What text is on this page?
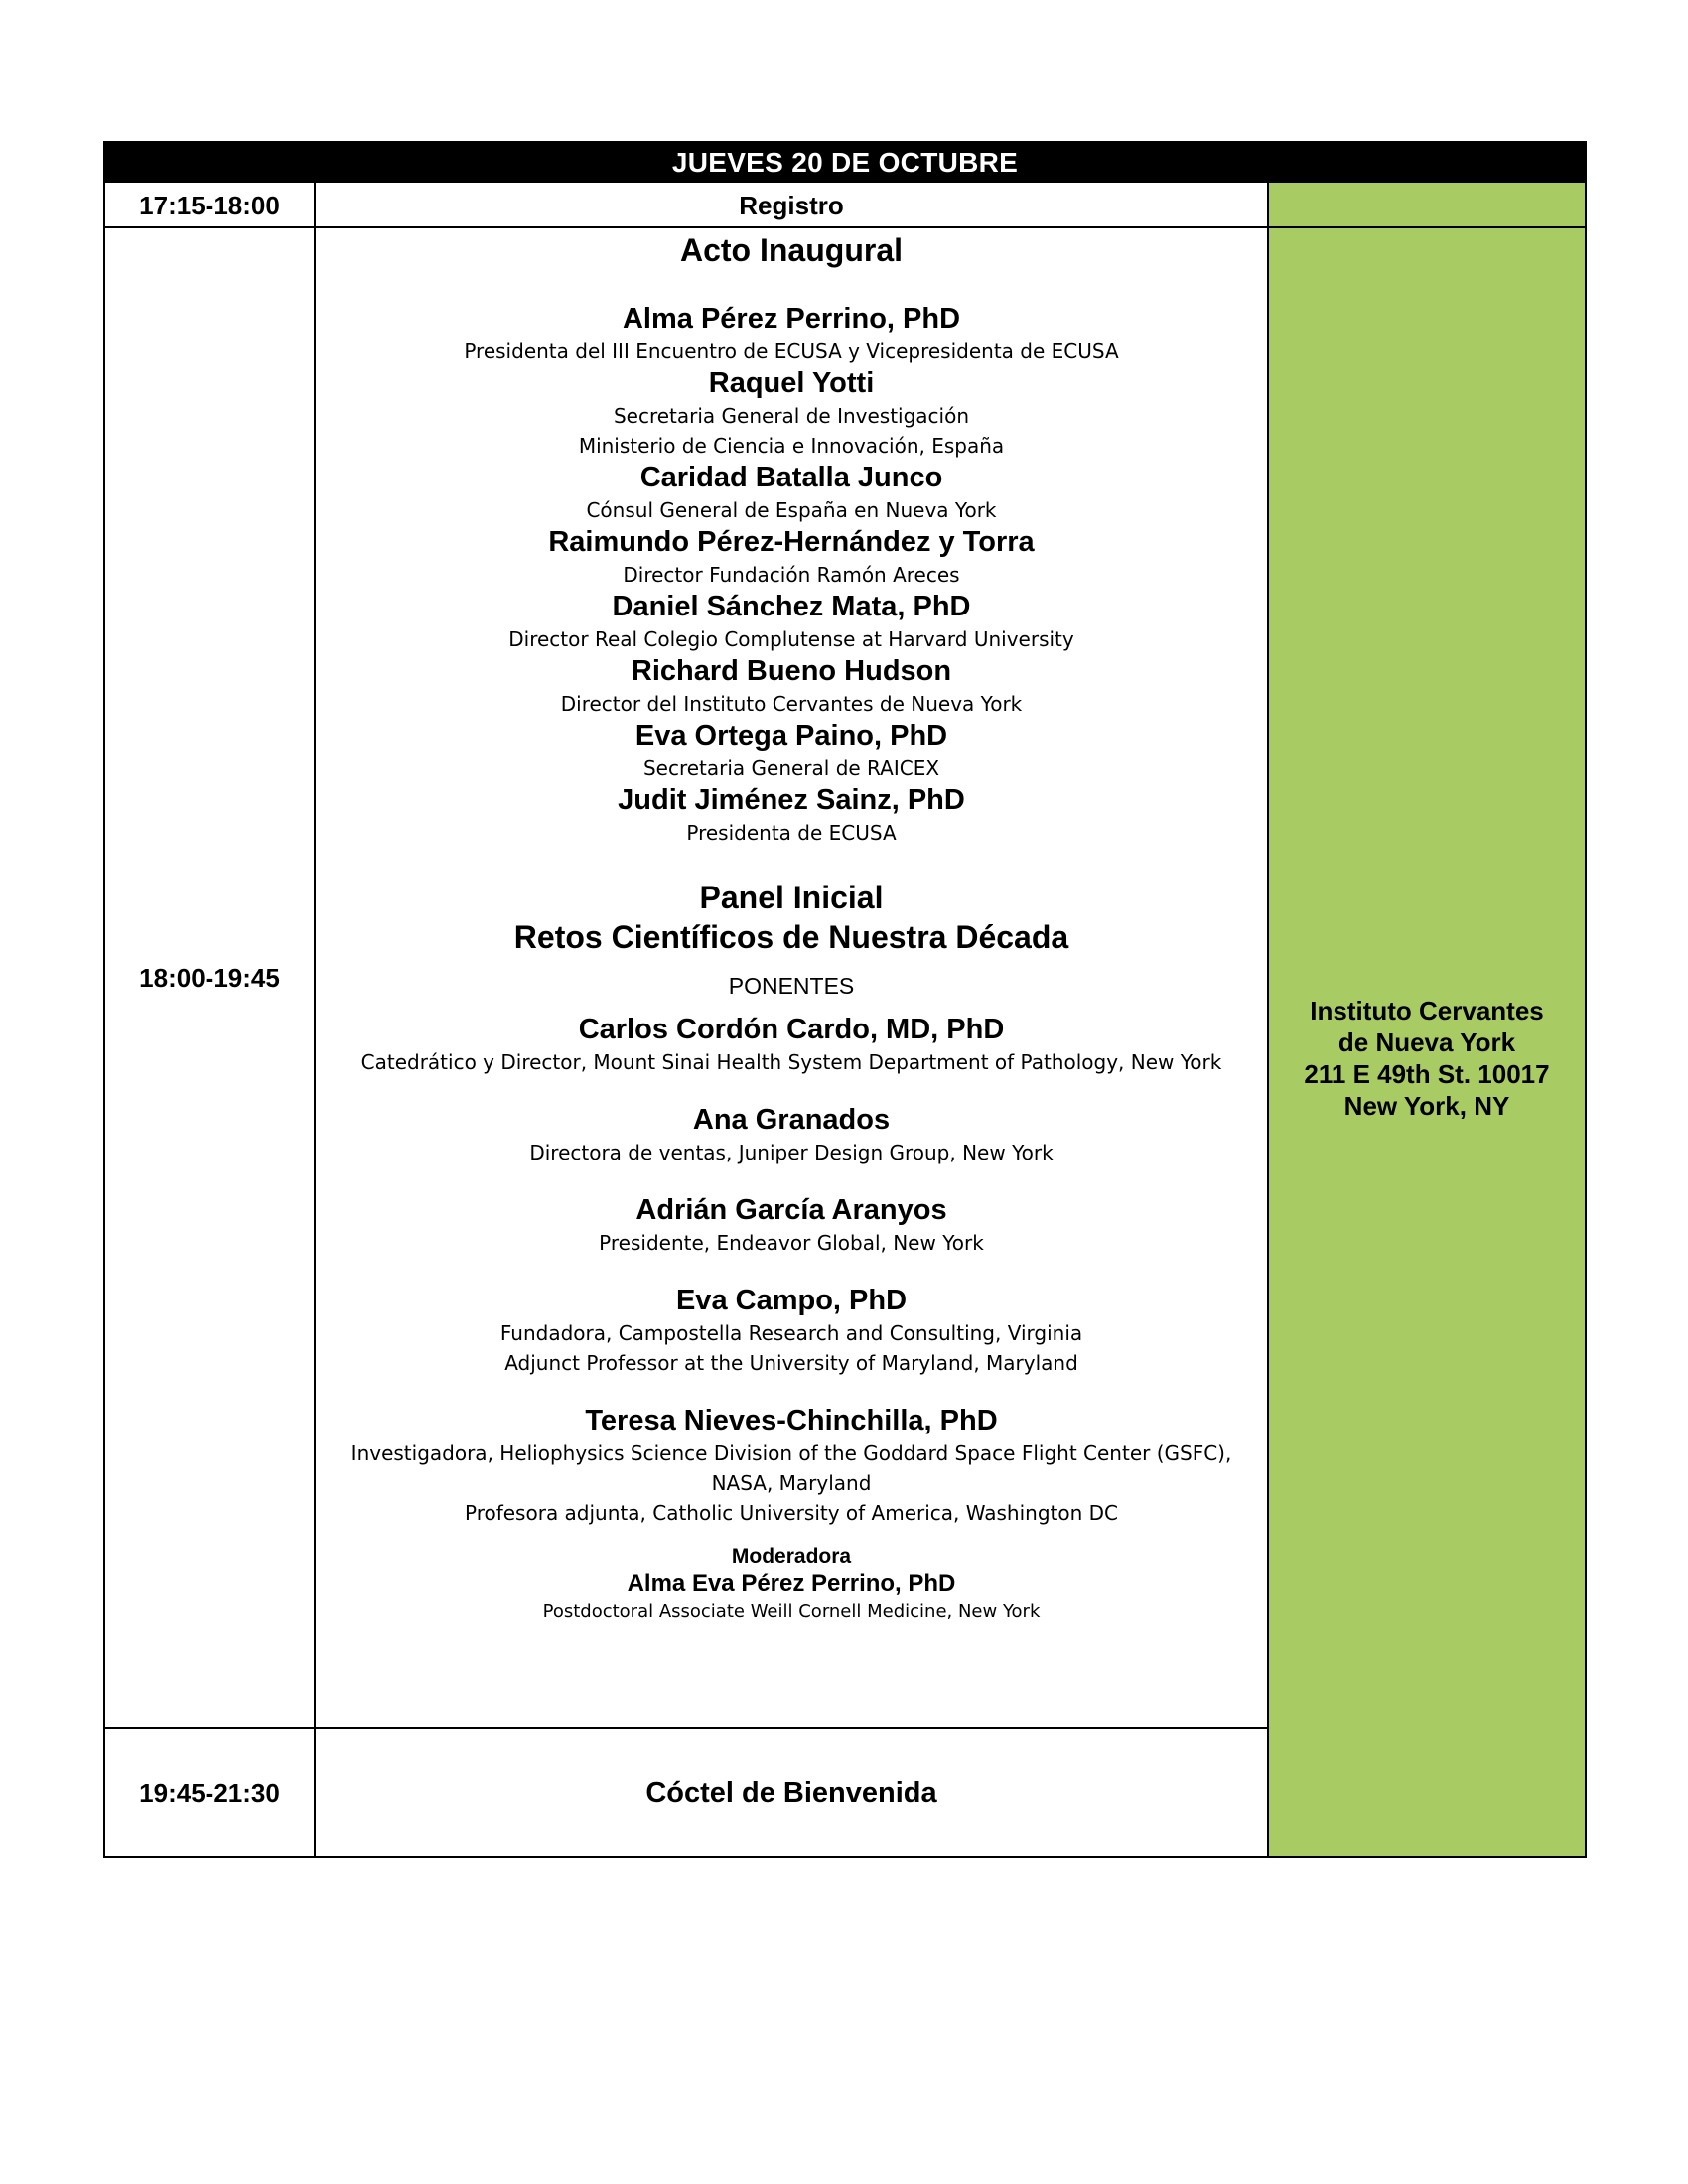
JUEVES 20 DE OCTUBRE
17:15-18:00	Registro
18:00-19:45
Acto Inaugural
Alma Pérez Perrino, PhD
Presidenta del III Encuentro de ECUSA y Vicepresidenta de ECUSA
Raquel Yotti
Secretaria General de Investigación
Ministerio de Ciencia e Innovación, España
Caridad Batalla Junco
Cónsul General de España en Nueva York
Raimundo Pérez-Hernández y Torra
Director Fundación Ramón Areces
Daniel Sánchez Mata, PhD
Director Real Colegio Complutense at Harvard University
Richard Bueno Hudson
Director del Instituto Cervantes de Nueva York
Eva Ortega Paino, PhD
Secretaria General de RAICEX
Judit Jiménez Sainz, PhD
Presidenta de ECUSA
Panel Inicial
Retos Científicos de Nuestra Década
PONENTES
Carlos Cordón Cardo, MD, PhD
Catedrático y Director, Mount Sinai Health System Department of Pathology, New York
Ana Granados
Directora de ventas, Juniper Design Group, New York
Adrián García Aranyos
Presidente, Endeavor Global, New York
Eva Campo, PhD
Fundadora, Campostella Research and Consulting, Virginia
Adjunct Professor at the University of Maryland, Maryland
Teresa Nieves-Chinchilla, PhD
Investigadora, Heliophysics Science Division of the Goddard Space Flight Center (GSFC),
NASA, Maryland
Profesora adjunta, Catholic University of America, Washington DC
Moderadora
Alma Eva Pérez Perrino, PhD
Postdoctoral Associate Weill Cornell Medicine, New York
19:45-21:30	Cóctel de Bienvenida
Instituto Cervantes
de Nueva York
211 E 49th St. 10017
New York, NY
